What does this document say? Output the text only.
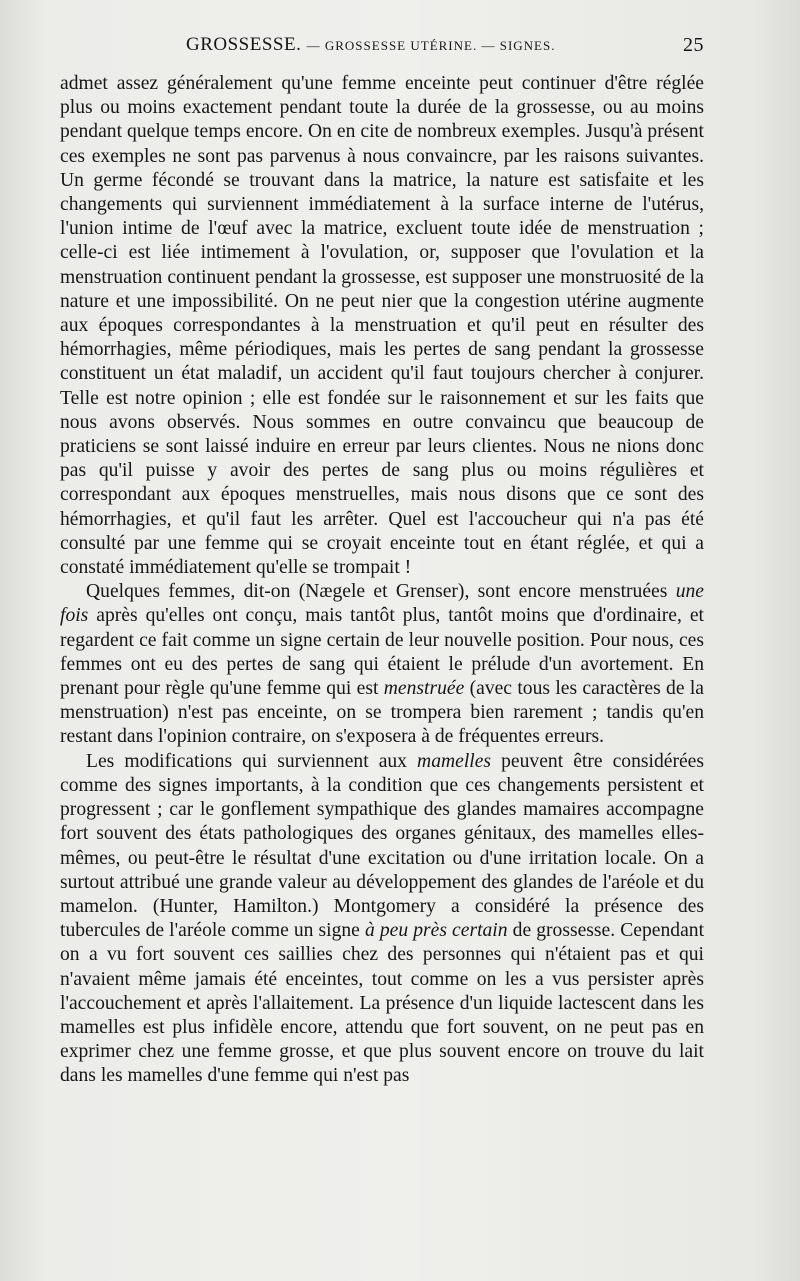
GROSSESSE. — GROSSESSE UTÉRINE. — SIGNES.	25

admet assez généralement qu'une femme enceinte peut continuer d'être réglée plus ou moins exactement pendant toute la durée de la grossesse, ou au moins pendant quelque temps encore. On en cite de nombreux exemples. Jusqu'à présent ces exemples ne sont pas parvenus à nous convaincre, par les raisons suivantes. Un germe fécondé se trouvant dans la matrice, la nature est satisfaite et les changements qui surviennent immédiatement à la surface interne de l'utérus, l'union intime de l'œuf avec la matrice, excluent toute idée de menstruation ; celle-ci est liée intimement à l'ovulation, or, supposer que l'ovulation et la menstruation continuent pendant la grossesse, est supposer une monstruosité de la nature et une impossibilité. On ne peut nier que la congestion utérine augmente aux époques correspondantes à la menstruation et qu'il peut en résulter des hémorrhagies, même périodiques, mais les pertes de sang pendant la grossesse constituent un état maladif, un accident qu'il faut toujours chercher à conjurer. Telle est notre opinion ; elle est fondée sur le raisonnement et sur les faits que nous avons observés. Nous sommes en outre convaincu que beaucoup de praticiens se sont laissé induire en erreur par leurs clientes. Nous ne nions donc pas qu'il puisse y avoir des pertes de sang plus ou moins régulières et correspondant aux époques menstruelles, mais nous disons que ce sont des hémorrhagies, et qu'il faut les arrêter. Quel est l'accoucheur qui n'a pas été consulté par une femme qui se croyait enceinte tout en étant réglée, et qui a constaté immédiatement qu'elle se trompait !

Quelques femmes, dit-on (Nægele et Grenser), sont encore menstruées une fois après qu'elles ont conçu, mais tantôt plus, tantôt moins que d'ordinaire, et regardent ce fait comme un signe certain de leur nouvelle position. Pour nous, ces femmes ont eu des pertes de sang qui étaient le prélude d'un avortement. En prenant pour règle qu'une femme qui est menstruée (avec tous les caractères de la menstruation) n'est pas enceinte, on se trompera bien rarement ; tandis qu'en restant dans l'opinion contraire, on s'exposera à de fréquentes erreurs.

Les modifications qui surviennent aux mamelles peuvent être considérées comme des signes importants, à la condition que ces changements persistent et progressent ; car le gonflement sympathique des glandes mamaires accompagne fort souvent des états pathologiques des organes génitaux, des mamelles elles-mêmes, ou peut-être le résultat d'une excitation ou d'une irritation locale. On a surtout attribué une grande valeur au développement des glandes de l'aréole et du mamelon. (Hunter, Hamilton.) Montgomery a considéré la présence des tubercules de l'aréole comme un signe à peu près certain de grossesse. Cependant on a vu fort souvent ces saillies chez des personnes qui n'étaient pas et qui n'avaient même jamais été enceintes, tout comme on les a vus persister après l'accouchement et après l'allaitement. La présence d'un liquide lactescent dans les mamelles est plus infidèle encore, attendu que fort souvent, on ne peut pas en exprimer chez une femme grosse, et que plus souvent encore on trouve du lait dans les mamelles d'une femme qui n'est pas
